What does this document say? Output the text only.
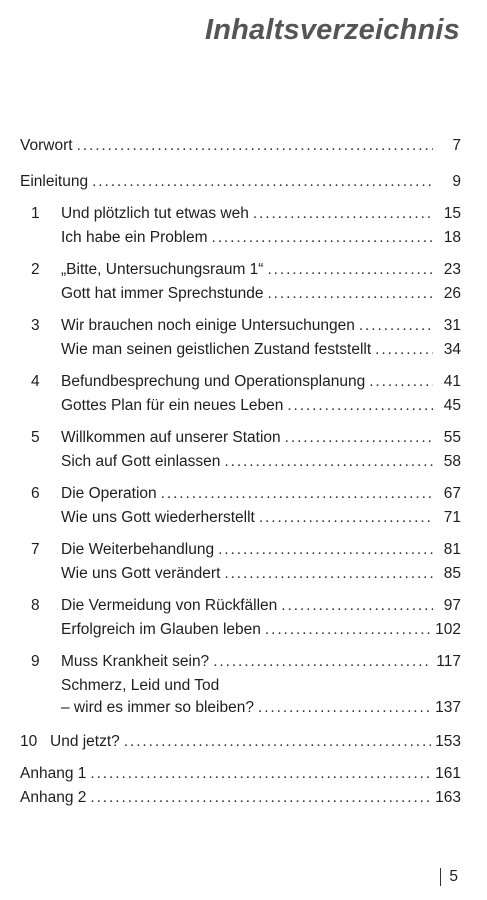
Inhaltsverzeichnis
Vorwort . . .	7
Einleitung . . .	9
1	Und plötzlich tut etwas weh . . .	15
Ich habe ein Problem . . .	18
2	„Bitte, Untersuchungsraum 1“ . . .	23
Gott hat immer Sprechstunde . . .	26
3	Wir brauchen noch einige Untersuchungen . . .	31
Wie man seinen geistlichen Zustand feststellt . . .	34
4	Befundbesprechung und Operationsplanung . . .	41
Gottes Plan für ein neues Leben . . .	45
5	Willkommen auf unserer Station . . .	55
Sich auf Gott einlassen . . .	58
6	Die Operation . . .	67
Wie uns Gott wiederherstellt . . .	71
7	Die Weiterbehandlung . . .	81
Wie uns Gott verändert . . .	85
8	Die Vermeidung von Rückfällen . . .	97
Erfolgreich im Glauben leben . . .	102
9	Muss Krankheit sein? . . .	117
Schmerz, Leid und Tod
– wird es immer so bleiben? . . .	137
10 Und jetzt? . . .	153
Anhang 1 . . .	161
Anhang 2 . . .	163
5
